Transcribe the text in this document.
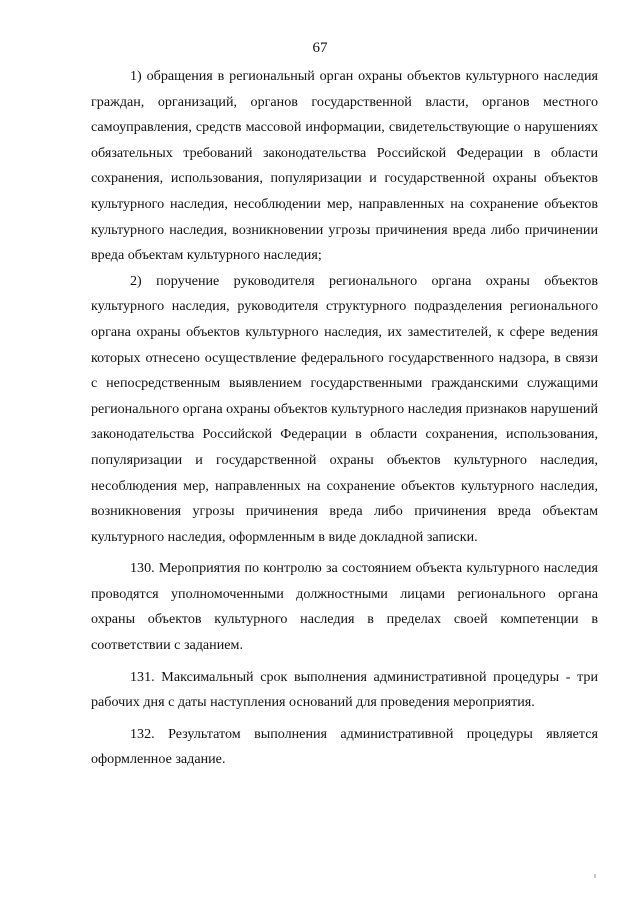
67

1) обращения в региональный орган охраны объектов культурного наследия граждан, организаций, органов государственной власти, органов местного самоуправления, средств массовой информации, свидетельствующие о нарушениях обязательных требований законодательства Российской Федерации в области сохранения, использования, популяризации и государственной охраны объектов культурного наследия, несоблюдении мер, направленных на сохранение объектов культурного наследия, возникновении угрозы причинения вреда либо причинении вреда объектам культурного наследия;

2) поручение руководителя регионального органа охраны объектов культурного наследия, руководителя структурного подразделения регионального органа охраны объектов культурного наследия, их заместителей, к сфере ведения которых отнесено осуществление федерального государственного надзора, в связи с непосредственным выявлением государственными гражданскими служащими регионального органа охраны объектов культурного наследия признаков нарушений законодательства Российской Федерации в области сохранения, использования, популяризации и государственной охраны объектов культурного наследия, несоблюдения мер, направленных на сохранение объектов культурного наследия, возникновения угрозы причинения вреда либо причинения вреда объектам культурного наследия, оформленным в виде докладной записки.

130. Мероприятия по контролю за состоянием объекта культурного наследия проводятся уполномоченными должностными лицами регионального органа охраны объектов культурного наследия в пределах своей компетенции в соответствии с заданием.

131. Максимальный срок выполнения административной процедуры - три рабочих дня с даты наступления оснований для проведения мероприятия.

132. Результатом выполнения административной процедуры является оформленное задание.
